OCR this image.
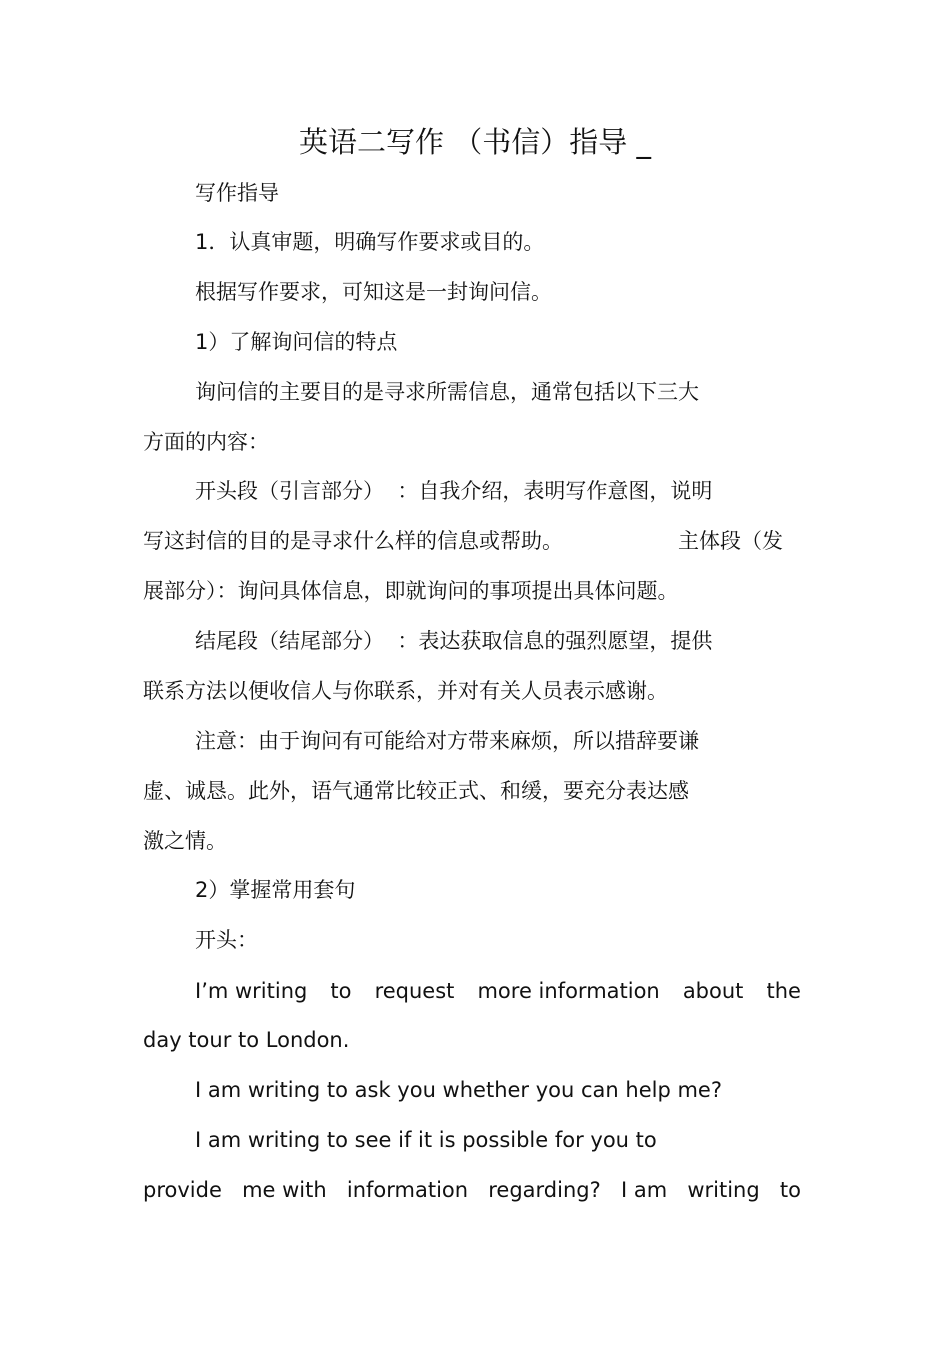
英语二写作 （书信）指导 _
写作指导
1．认真审题，明确写作要求或目的。
根据写作要求，可知这是一封询问信。
1）了解询问信的特点
询问信的主要目的是寻求所需信息，通常包括以下三大
方面的内容：
开头段（引言部分）  ：自我介绍，表明写作意图，说明
写这封信的目的是寻求什么样的信息或帮助。	主体段（发
展部分）：询问具体信息，即就询问的事项提出具体问题。
结尾段（结尾部分）  ：表达获取信息的强烈愿望，提供
联系方法以便收信人与你联系，并对有关人员表示感谢。
注意：由于询问有可能给对方带来麻烦，所以措辞要谦
虚、诚恳。此外，语气通常比较正式、和缓，要充分表达感
激之情。
2）掌握常用套句
开头：
I’m writing to request more information about the
day tour to London.
I am writing to ask you whether you can help me?
I am writing to see if it is possible for you to
provide me with information regarding? I am writing to
